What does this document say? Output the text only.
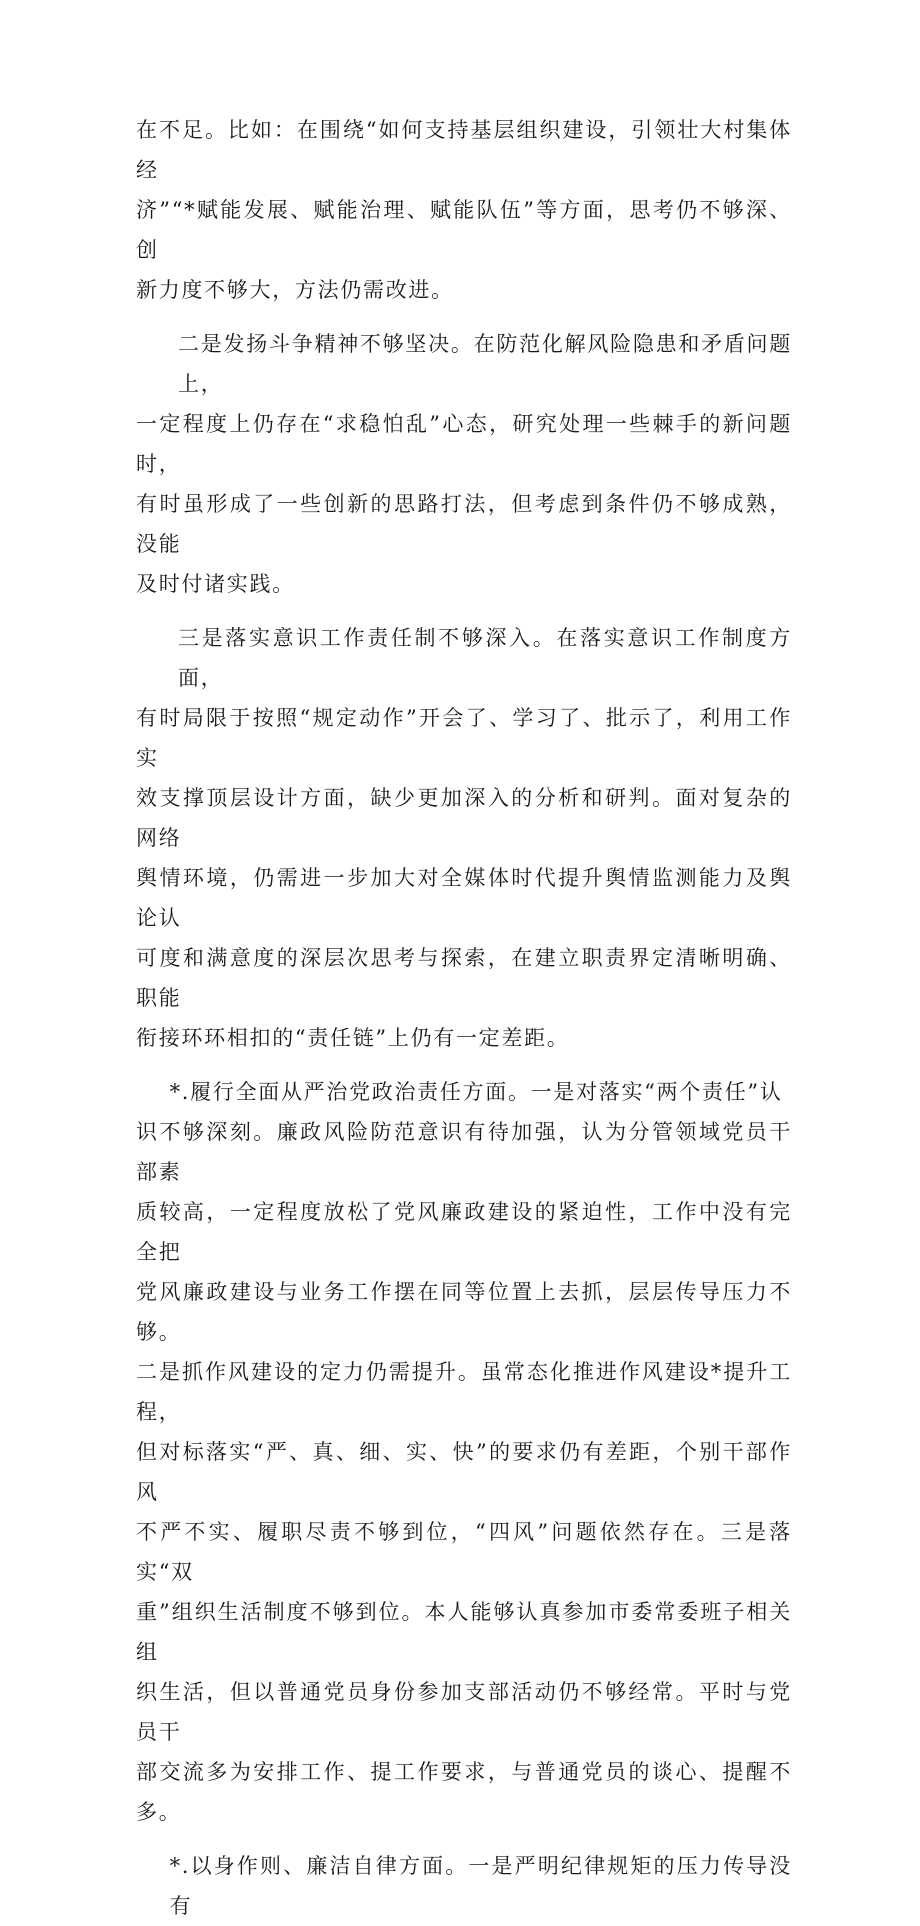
在不足。比如：在围绕“如何支持基层组织建设，引领壮大村集体经
济”“*赋能发展、赋能治理、赋能队伍”等方面，思考仍不够深、创
新力度不够大，方法仍需改进。

二是发扬斗争精神不够坚决。在防范化解风险隐患和矛盾问题上，
一定程度上仍存在“求稳怕乱”心态，研究处理一些棘手的新问题时，
有时虽形成了一些创新的思路打法，但考虑到条件仍不够成熟，没能
及时付诸实践。

三是落实意识工作责任制不够深入。在落实意识工作制度方面，
有时局限于按照“规定动作”开会了、学习了、批示了，利用工作实
效支撑顶层设计方面，缺少更加深入的分析和研判。面对复杂的网络
舆情环境，仍需进一步加大对全媒体时代提升舆情监测能力及舆论认
可度和满意度的深层次思考与探索，在建立职责界定清晰明确、职能
衔接环环相扣的“责任链”上仍有一定差距。

*.履行全面从严治党政治责任方面。一是对落实“两个责任”认
识不够深刻。廉政风险防范意识有待加强，认为分管领域党员干部素
质较高，一定程度放松了党风廉政建设的紧迫性，工作中没有完全把
党风廉政建设与业务工作摆在同等位置上去抓，层层传导压力不够。
二是抓作风建设的定力仍需提升。虽常态化推进作风建设*提升工程，
但对标落实“严、真、细、实、快”的要求仍有差距，个别干部作风
不严不实、履职尽责不够到位，“四风”问题依然存在。三是落实“双
重”组织生活制度不够到位。本人能够认真参加市委常委班子相关组
织生活，但以普通党员身份参加支部活动仍不够经常。平时与党员干
部交流多为安排工作、提工作要求，与普通党员的谈心、提醒不多。

*.以身作则、廉洁自律方面。一是严明纪律规矩的压力传导没有
